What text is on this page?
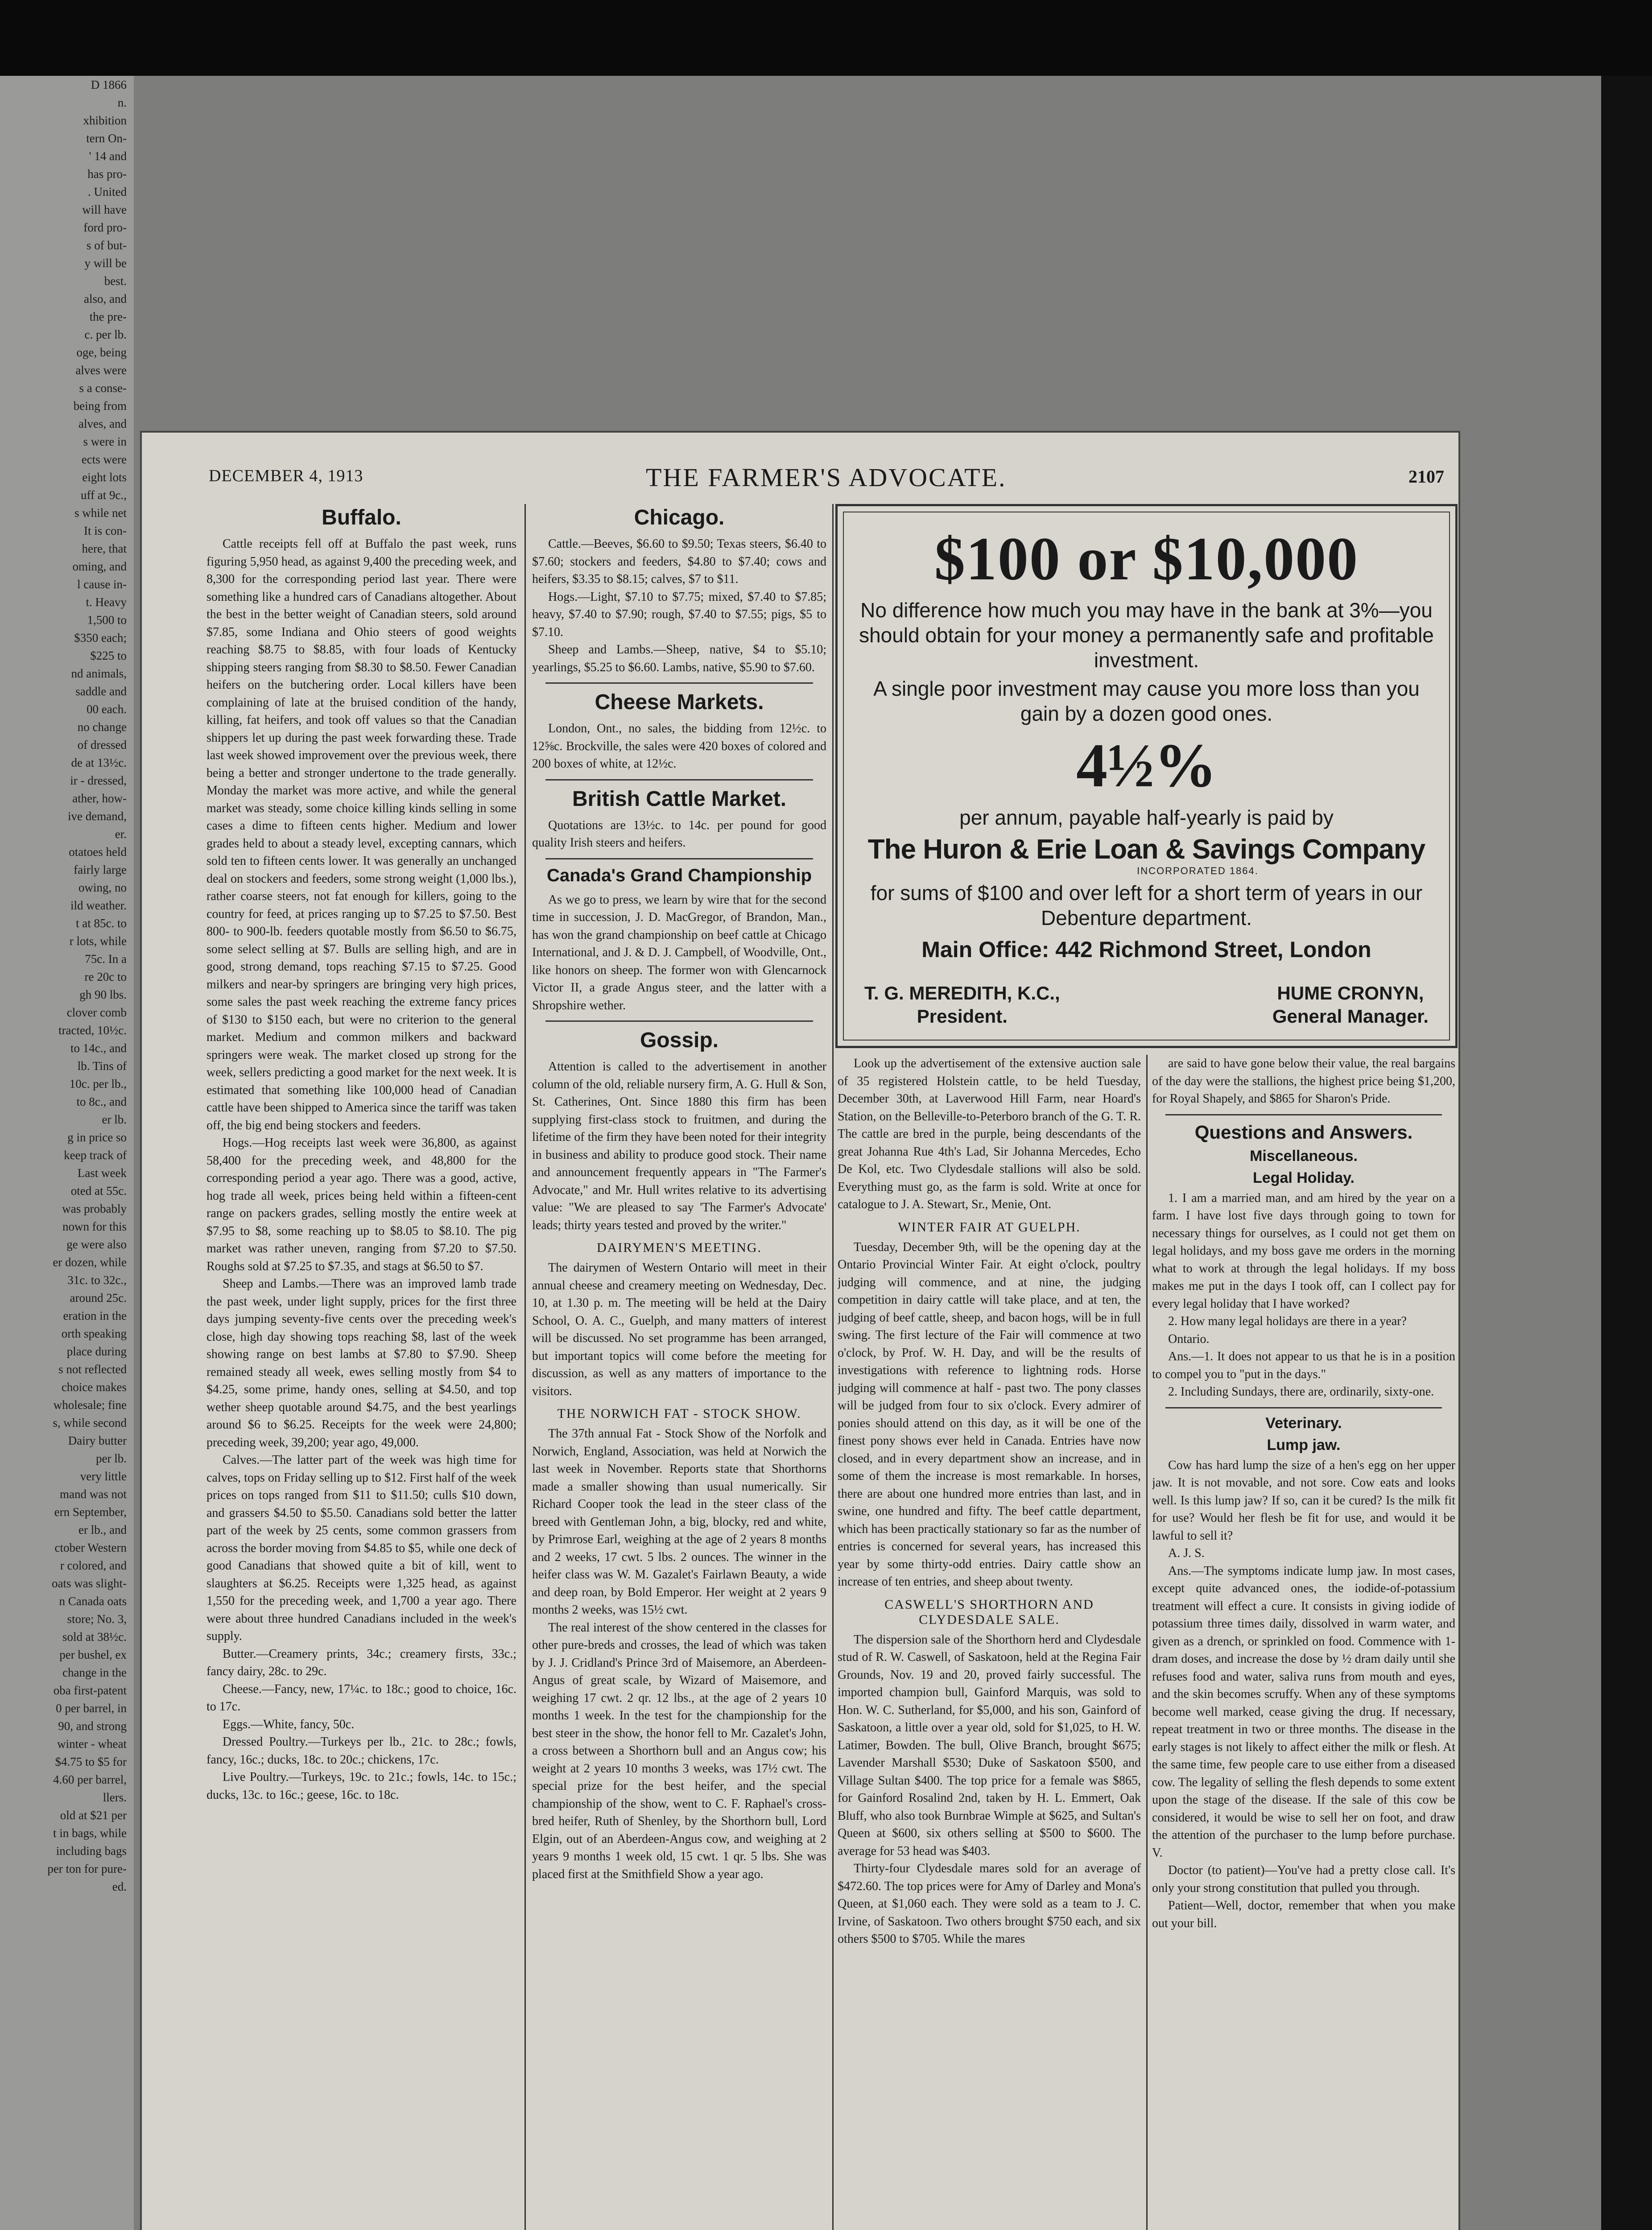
D 1866
n.
xhibition
tern On-
' 14 and
has pro-
. United
will have
ford pro-
s of but-
y will be
best.
also, and
the pre-
c. per lb.
oge, being
alves were
s a conse-
being from
alves, and
s were in
ects were
eight lots
uff at 9c.,
s while net
It is con-
here, that
oming, and
l cause in-
t. Heavy
1,500 to
$350 each;
$225 to
nd animals,
saddle and
00 each.
no change
of dressed
de at 13½c.
ir - dressed,
ather, how-
ive demand,
er.
otatoes held
fairly large
owing, no
ild weather.
t at 85c. to
r lots, while
75c. In a
re 20c to
gh 90 lbs.
clover comb
tracted, 10½c.
to 14c., and
lb. Tins of
10c. per lb.,
to 8c., and
er lb.
g in price so
keep track of
Last week
oted at 55c.
was probably
nown for this
ge were also
er dozen, while
31c. to 32c.,
around 25c.
eration in the
orth speaking
place during
s not reflected
choice makes
wholesale; fine
s, while second
Dairy butter
per lb.
very little
mand was not
ern September,
er lb., and
ctober Western
r colored, and
oats was slight-
n Canada oats
store; No. 3,
sold at 38½c.
per bushel, ex
change in the
oba first-patent
0 per barrel, in
90, and strong
winter - wheat
$4.75 to $5 for
4.60 per barrel,
llers.
old at $21 per
t in bags, while
including bags
per ton for pure-
ed.
DECEMBER 4, 1913	THE FARMER'S ADVOCATE.	2107
Buffalo.

Cattle receipts fell off at Buffalo the past week, runs figuring 5,950 head, as against 9,400 the preceding week, and 8,300 for the corresponding period last year. There were something like a hundred cars of Canadians altogether. About the best in the better weight of Canadian steers, sold around $7.85, some Indiana and Ohio steers of good weights reaching $8.75 to $8.85, with four loads of Kentucky shipping steers ranging from $8.30 to $8.50. Fewer Canadian heifers on the butchering order. Local killers have been complaining of late at the bruised condition of the handy, killing, fat heifers, and took off values so that the Canadian shippers let up during the past week forwarding these. Trade last week showed improvement over the previous week, there being a better and stronger undertone to the trade generally. Monday the market was more active, and while the general market was steady, some choice killing kinds selling in some cases a dime to fifteen cents higher. Medium and lower grades held to about a steady level, excepting cannars, which sold ten to fifteen cents lower. It was generally an unchanged deal on stockers and feeders, some strong weight (1,000 lbs.), rather coarse steers, not fat enough for killers, going to the country for feed, at prices ranging up to $7.25 to $7.50. Best 800- to 900-lb. feeders quotable mostly from $6.50 to $6.75, some select selling at $7. Bulls are selling high, and are in good, strong demand, tops reaching $7.15 to $7.25. Good milkers and near-by springers are bringing very high prices, some sales the past week reaching the extreme fancy prices of $130 to $150 each, but were no criterion to the general market. Medium and common milkers and backward springers were weak. The market closed up strong for the week, sellers predicting a good market for the next week. It is estimated that something like 100,000 head of Canadian cattle have been shipped to America since the tariff was taken off, the big end being stockers and feeders.

Hogs.—Hog receipts last week were 36,800, as against 58,400 for the preceding week, and 48,800 for the corresponding period a year ago. There was a good, active, hog trade all week, prices being held within a fifteen-cent range on packers grades, selling mostly the entire week at $7.95 to $8, some reaching up to $8.05 to $8.10. The pig market was rather uneven, ranging from $7.20 to $7.50. Roughs sold at $7.25 to $7.35, and stags at $6.50 to $7.

Sheep and Lambs.—There was an improved lamb trade the past week, under light supply, prices for the first three days jumping seventy-five cents over the preceding week's close, high day showing tops reaching $8, last of the week showing range on best lambs at $7.80 to $7.90. Sheep remained steady all week, ewes selling mostly from $4 to $4.25, some prime, handy ones, selling at $4.50, and top wether sheep quotable around $4.75, and the best yearlings around $6 to $6.25. Receipts for the week were 24,800; preceding week, 39,200; year ago, 49,000.

Calves.—The latter part of the week was high time for calves, tops on Friday selling up to $12. First half of the week prices on tops ranged from $11 to $11.50; culls $10 down, and grassers $4.50 to $5.50. Canadians sold better the latter part of the week by 25 cents, some common grassers from across the border moving from $4.85 to $5, while one deck of good Canadians that showed quite a bit of kill, went to slaughters at $6.25. Receipts were 1,325 head, as against 1,550 for the preceding week, and 1,700 a year ago. There were about three hundred Canadians included in the week's supply.

Butter.—Creamery prints, 34c.; creamery firsts, 33c.; fancy dairy, 28c. to 29c.

Cheese.—Fancy, new, 17¼c. to 18c.; good to choice, 16c. to 17c.

Eggs.—White, fancy, 50c.

Dressed Poultry.—Turkeys per lb., 21c. to 28c.; fowls, fancy, 16c.; ducks, 18c. to 20c.; chickens, 17c.

Live Poultry.—Turkeys, 19c. to 21c.; fowls, 14c. to 15c.; ducks, 13c. to 16c.; geese, 16c. to 18c.

Chicago.

Cattle.—Beeves, $6.60 to $9.50; Texas steers, $6.40 to $7.60; stockers and feeders, $4.80 to $7.40; cows and heifers, $3.35 to $8.15; calves, $7 to $11.

Hogs.—Light, $7.10 to $7.75; mixed, $7.40 to $7.85; heavy, $7.40 to $7.90; rough, $7.40 to $7.55; pigs, $5 to $7.10.

Sheep and Lambs.—Sheep, native, $4 to $5.10; yearlings, $5.25 to $6.60. Lambs, native, $5.90 to $7.60.

Cheese Markets.

London, Ont., no sales, the bidding from 12½c. to 12⅝c. Brockville, the sales were 420 boxes of colored and 200 boxes of white, at 12½c.

British Cattle Market.

Quotations are 13½c. to 14c. per pound for good quality Irish steers and heifers.

Canada's Grand Championship

As we go to press, we learn by wire that for the second time in succession, J. D. MacGregor, of Brandon, Man., has won the grand championship on beef cattle at Chicago International, and J. & D. J. Campbell, of Woodville, Ont., like honors on sheep. The former won with Glencarnock Victor II, a grade Angus steer, and the latter with a Shropshire wether.

Gossip.

Attention is called to the advertisement in another column of the old, reliable nursery firm, A. G. Hull & Son, St. Catherines, Ont. Since 1880 this firm has been supplying first-class stock to fruitmen, and during the lifetime of the firm they have been noted for their integrity in business and ability to produce good stock. Their name and announcement frequently appears in "The Farmer's Advocate," and Mr. Hull writes relative to its advertising value: "We are pleased to say 'The Farmer's Advocate' leads; thirty years tested and proved by the writer."

DAIRYMEN'S MEETING.

The dairymen of Western Ontario will meet in their annual cheese and creamery meeting on Wednesday, Dec. 10, at 1.30 p. m. The meeting will be held at the Dairy School, O. A. C., Guelph, and many matters of interest will be discussed. No set programme has been arranged, but important topics will come before the meeting for discussion, as well as any matters of importance to the visitors.

THE NORWICH FAT - STOCK SHOW.

The 37th annual Fat - Stock Show of the Norfolk and Norwich, England, Association, was held at Norwich the last week in November. Reports state that Shorthorns made a smaller showing than usual numerically. Sir Richard Cooper took the lead in the steer class of the breed with Gentleman John, a big, blocky, red and white, by Primrose Earl, weighing at the age of 2 years 8 months and 2 weeks, 17 cwt. 5 lbs. 2 ounces. The winner in the heifer class was W. M. Gazalet's Fairlawn Beauty, a wide and deep roan, by Bold Emperor. Her weight at 2 years 9 months 2 weeks, was 15½ cwt.

The real interest of the show centered in the classes for other pure-breds and crosses, the lead of which was taken by J. J. Cridland's Prince 3rd of Maisemore, an Aberdeen-Angus of great scale, by Wizard of Maisemore, and weighing 17 cwt. 2 qr. 12 lbs., at the age of 2 years 10 months 1 week. In the test for the championship for the best steer in the show, the honor fell to Mr. Cazalet's John, a cross between a Shorthorn bull and an Angus cow; his weight at 2 years 10 months 3 weeks, was 17½ cwt. The special prize for the best heifer, and the special championship of the show, went to C. F. Raphael's cross-bred heifer, Ruth of Shenley, by the Shorthorn bull, Lord Elgin, out of an Aberdeen-Angus cow, and weighing at 2 years 9 months 1 week old, 15 cwt. 1 qr. 5 lbs. She was placed first at the Smithfield Show a year ago.

$100 or $10,000
No difference how much you may have in the bank at 3%—you should obtain for your money a permanently safe and profitable investment.
A single poor investment may cause you more loss than you gain by a dozen good ones.
4½%
per annum, payable half-yearly is paid by
The Huron & Erie Loan & Savings Company
INCORPORATED 1864.
for sums of $100 and over left for a short term of years in our Debenture department.
Main Office: 442 Richmond Street, London
T. G. MEREDITH, K.C.,
President.
HUME CRONYN,
General Manager.

Look up the advertisement of the extensive auction sale of 35 registered Holstein cattle, to be held Tuesday, December 30th, at Laverwood Hill Farm, near Hoard's Station, on the Belleville-to-Peterboro branch of the G. T. R. The cattle are bred in the purple, being descendants of the great Johanna Rue 4th's Lad, Sir Johanna Mercedes, Echo De Kol, etc. Two Clydesdale stallions will also be sold. Everything must go, as the farm is sold. Write at once for catalogue to J. A. Stewart, Sr., Menie, Ont.

WINTER FAIR AT GUELPH.

Tuesday, December 9th, will be the opening day at the Ontario Provincial Winter Fair. At eight o'clock, poultry judging will commence, and at nine, the judging competition in dairy cattle will take place, and at ten, the judging of beef cattle, sheep, and bacon hogs, will be in full swing. The first lecture of the Fair will commence at two o'clock, by Prof. W. H. Day, and will be the results of investigations with reference to lightning rods. Horse judging will commence at half - past two. The pony classes will be judged from four to six o'clock. Every admirer of ponies should attend on this day, as it will be one of the finest pony shows ever held in Canada. Entries have now closed, and in every department show an increase, and in some of them the increase is most remarkable. In horses, there are about one hundred more entries than last, and in swine, one hundred and fifty. The beef cattle department, which has been practically stationary so far as the number of entries is concerned for several years, has increased this year by some thirty-odd entries. Dairy cattle show an increase of ten entries, and sheep about twenty.

CASWELL'S SHORTHORN AND CLYDESDALE SALE.

The dispersion sale of the Shorthorn herd and Clydesdale stud of R. W. Caswell, of Saskatoon, held at the Regina Fair Grounds, Nov. 19 and 20, proved fairly successful. The imported champion bull, Gainford Marquis, was sold to Hon. W. C. Sutherland, for $5,000, and his son, Gainford of Saskatoon, a little over a year old, sold for $1,025, to H. W. Latimer, Bowden. The bull, Olive Branch, brought $675; Lavender Marshall $530; Duke of Saskatoon $500, and Village Sultan $400. The top price for a female was $865, for Gainford Rosalind 2nd, taken by H. L. Emmert, Oak Bluff, who also took Burnbrae Wimple at $625, and Sultan's Queen at $600, six others selling at $500 to $600. The average for 53 head was $403.

Thirty-four Clydesdale mares sold for an average of $472.60. The top prices were for Amy of Darley and Mona's Queen, at $1,060 each. They were sold as a team to J. C. Irvine, of Saskatoon. Two others brought $750 each, and six others $500 to $705. While the mares

are said to have gone below their value, the real bargains of the day were the stallions, the highest price being $1,200, for Royal Shapely, and $865 for Sharon's Pride.

Questions and Answers.
Miscellaneous.
Legal Holiday.

1. I am a married man, and am hired by the year on a farm. I have lost five days through going to town for necessary things for ourselves, as I could not get them on legal holidays, and my boss gave me orders in the morning what to work at through the legal holidays. If my boss makes me put in the days I took off, can I collect pay for every legal holiday that I have worked?

2. How many legal holidays are there in a year?

Ontario.

Ans.—1. It does not appear to us that he is in a position to compel you to "put in the days."

2. Including Sundays, there are, ordinarily, sixty-one.

Veterinary.
Lump jaw.

Cow has hard lump the size of a hen's egg on her upper jaw. It is not movable, and not sore. Cow eats and looks well. Is this lump jaw? If so, can it be cured? Is the milk fit for use? Would her flesh be fit for use, and would it be lawful to sell it?

A. J. S.

Ans.—The symptoms indicate lump jaw. In most cases, except quite advanced ones, the iodide-of-potassium treatment will effect a cure. It consists in giving iodide of potassium three times daily, dissolved in warm water, and given as a drench, or sprinkled on food. Commence with 1-dram doses, and increase the dose by ½ dram daily until she refuses food and water, saliva runs from mouth and eyes, and the skin becomes scruffy. When any of these symptoms become well marked, cease giving the drug. If necessary, repeat treatment in two or three months. The disease in the early stages is not likely to affect either the milk or flesh. At the same time, few people care to use either from a diseased cow. The legality of selling the flesh depends to some extent upon the stage of the disease. If the sale of this cow be considered, it would be wise to sell her on foot, and draw the attention of the purchaser to the lump before purchase. V.

Doctor (to patient)—You've had a pretty close call. It's only your strong constitution that pulled you through.

Patient—Well, doctor, remember that when you make out your bill.
